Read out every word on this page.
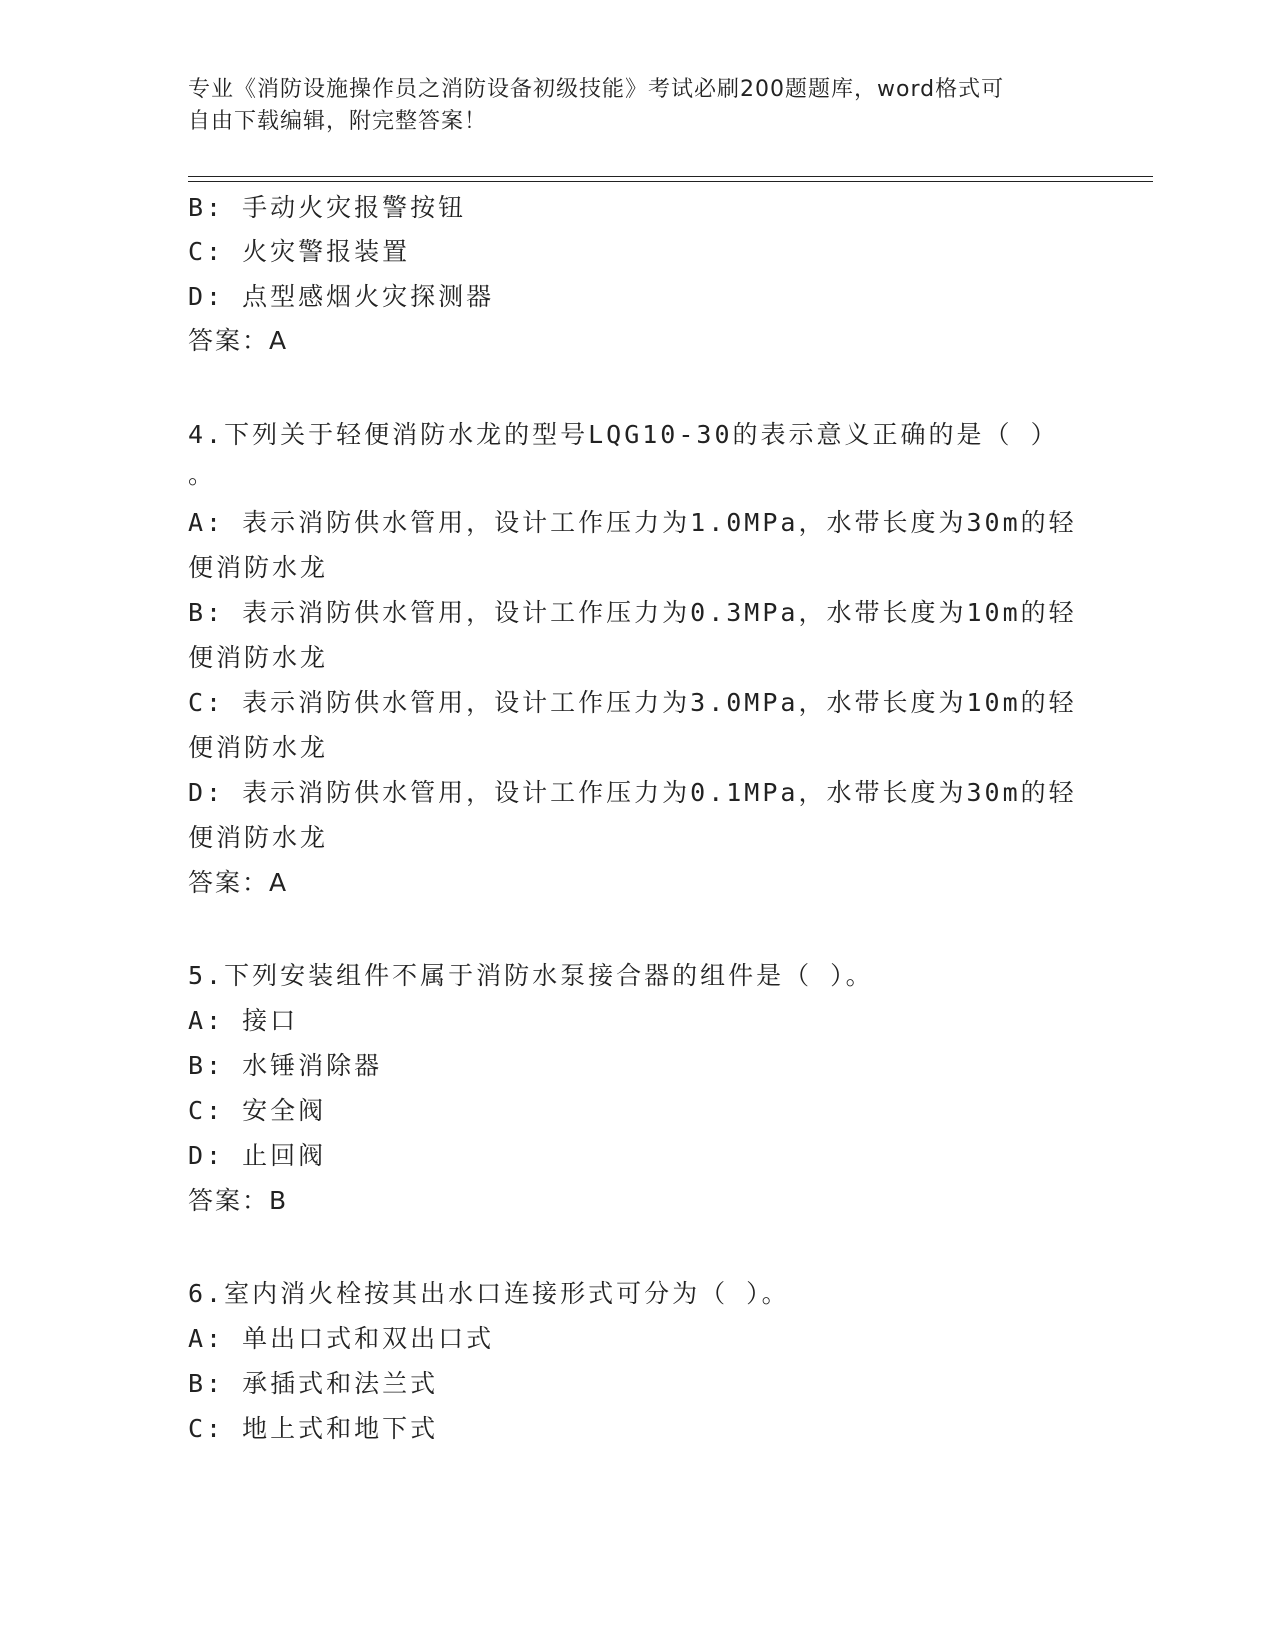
专业《消防设施操作员之消防设备初级技能》考试必刷200题题库，word格式可
自由下载编辑，附完整答案！
B: 手动火灾报警按钮
C: 火灾警报装置
D: 点型感烟火灾探测器
答案：A
4.下列关于轻便消防水龙的型号LQG10-30的表示意义正确的是（ ）
。
A: 表示消防供水管用，设计工作压力为1.0MPa，水带长度为30m的轻
便消防水龙
B: 表示消防供水管用，设计工作压力为0.3MPa，水带长度为10m的轻
便消防水龙
C: 表示消防供水管用，设计工作压力为3.0MPa，水带长度为10m的轻
便消防水龙
D: 表示消防供水管用，设计工作压力为0.1MPa，水带长度为30m的轻
便消防水龙
答案：A
5.下列安装组件不属于消防水泵接合器的组件是（ ）。
A: 接口
B: 水锤消除器
C: 安全阀
D: 止回阀
答案：B
6.室内消火栓按其出水口连接形式可分为（ ）。
A: 单出口式和双出口式
B: 承插式和法兰式
C: 地上式和地下式
